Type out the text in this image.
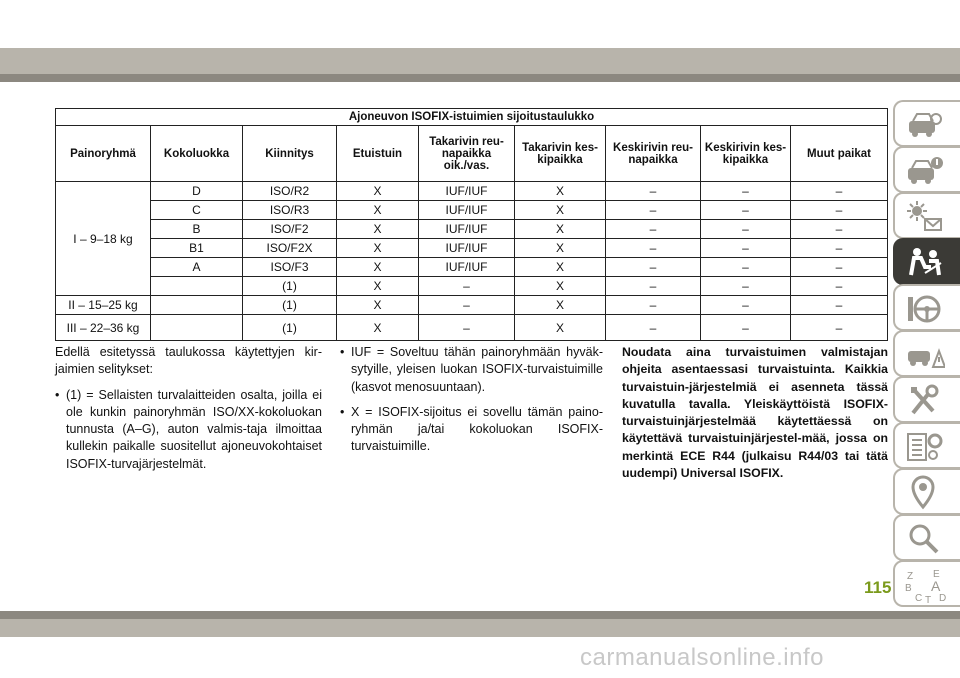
Ajoneuvon ISOFIX-istuimien sijoitustaulukko								
Painoryhmä	Kokoluokka	Kiinnitys	Etuistuin	Takarivin reu-napaikka oik./vas.	Takarivin kes-kipaikka	Keskirivin reu-napaikka	Keskirivin kes-kipaikka	Muut paikat
I – 9–18 kg	D	ISO/R2	X	IUF/IUF	X	–	–	–
	C	ISO/R3	X	IUF/IUF	X	–	–	–
	B	ISO/F2	X	IUF/IUF	X	–	–	–
	B1	ISO/F2X	X	IUF/IUF	X	–	–	–
	A	ISO/F3	X	IUF/IUF	X	–	–	–
		(1)	X	–	X	–	–	–
II – 15–25 kg		(1)	X	–	X	–	–	–
III – 22–36 kg		(1)	X	–	X	–	–	–

Edellä esitetyssä taulukossa käytettyjen kir-jaimien selitykset:

• (1) = Sellaisten turvalaitteiden osalta, joilla ei ole kunkin painoryhmän ISO/XX-kokoluokan tunnusta (A–G), auton valmis-taja ilmoittaa kullekin paikalle suositellut ajoneuvokohtaiset ISOFIX-turvajärjestelmät.
• IUF = Soveltuu tähän painoryhmään hyväk-sytyille, yleisen luokan ISOFIX-turvaistuimille (kasvot menosuuntaan).
• X = ISOFIX-sijoitus ei sovellu tämän paino-ryhmän ja/tai kokoluokan ISOFIX-turvaistuimille.

Noudata aina turvaistuimen valmistajan ohjeita asentaessasi turvaistuinta. Kaikkia turvaistuin-järjestelmiä ei asenneta tässä kuvatulla tavalla. Yleiskäyttöistä ISOFIX-turvaistuinjärjestelmää käytettäessä on käytettävä turvaistuinjärjestel-mää, jossa on merkintä ECE R44 (julkaisu R44/03 tai tätä uudempi) Universal ISOFIX.

Z E
B A
C T D
115
carmanualsonline.info
